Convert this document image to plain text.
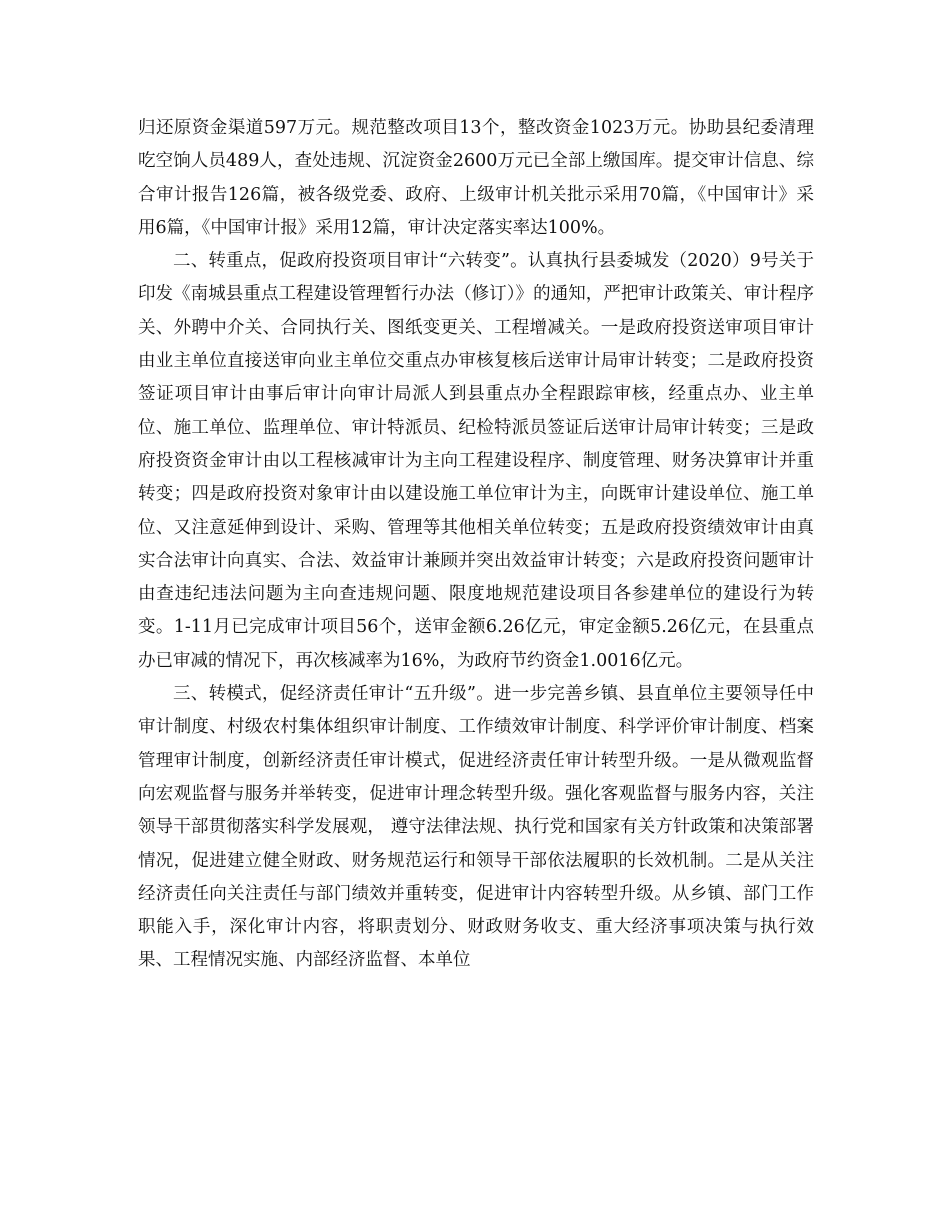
归还原资金渠道597万元。规范整改项目13个，整改资金1023万元。协助县纪委清理吃空饷人员489人，查处违规、沉淀资金2600万元已全部上缴国库。提交审计信息、综合审计报告126篇，被各级党委、政府、上级审计机关批示采用70篇，《中国审计》采用6篇，《中国审计报》采用12篇，审计决定落实率达100%。

二、转重点，促政府投资项目审计“六转变”。认真执行县委城发（2020）9号关于印发《南城县重点工程建设管理暂行办法（修订）》的通知，严把审计政策关、审计程序关、外聘中介关、合同执行关、图纸变更关、工程增减关。一是政府投资送审项目审计由业主单位直接送审向业主单位交重点办审核复核后送审计局审计转变；二是政府投资签证项目审计由事后审计向审计局派人到县重点办全程跟踪审核，经重点办、业主单位、施工单位、监理单位、审计特派员、纪检特派员签证后送审计局审计转变；三是政府投资资金审计由以工程核减审计为主向工程建设程序、制度管理、财务决算审计并重转变；四是政府投资对象审计由以建设施工单位审计为主，向既审计建设单位、施工单位、又注意延伸到设计、采购、管理等其他相关单位转变；五是政府投资绩效审计由真实合法审计向真实、合法、效益审计兼顾并突出效益审计转变；六是政府投资问题审计由查违纪违法问题为主向查违规问题、限度地规范建设项目各参建单位的建设行为转变。1-11月已完成审计项目56个，送审金额6.26亿元，审定金额5.26亿元，在县重点办已审减的情况下，再次核减率为16%，为政府节约资金1.0016亿元。

三、转模式，促经济责任审计“五升级”。进一步完善乡镇、县直单位主要领导任中审计制度、村级农村集体组织审计制度、工作绩效审计制度、科学评价审计制度、档案管理审计制度，创新经济责任审计模式，促进经济责任审计转型升级。一是从微观监督向宏观监督与服务并举转变，促进审计理念转型升级。强化客观监督与服务内容，关注领导干部贯彻落实科学发展观， 遵守法律法规、执行党和国家有关方针政策和决策部署情况，促进建立健全财政、财务规范运行和领导干部依法履职的长效机制。二是从关注经济责任向关注责任与部门绩效并重转变，促进审计内容转型升级。从乡镇、部门工作职能入手，深化审计内容，将职责划分、财政财务收支、重大经济事项决策与执行效果、工程情况实施、内部经济监督、本单位
